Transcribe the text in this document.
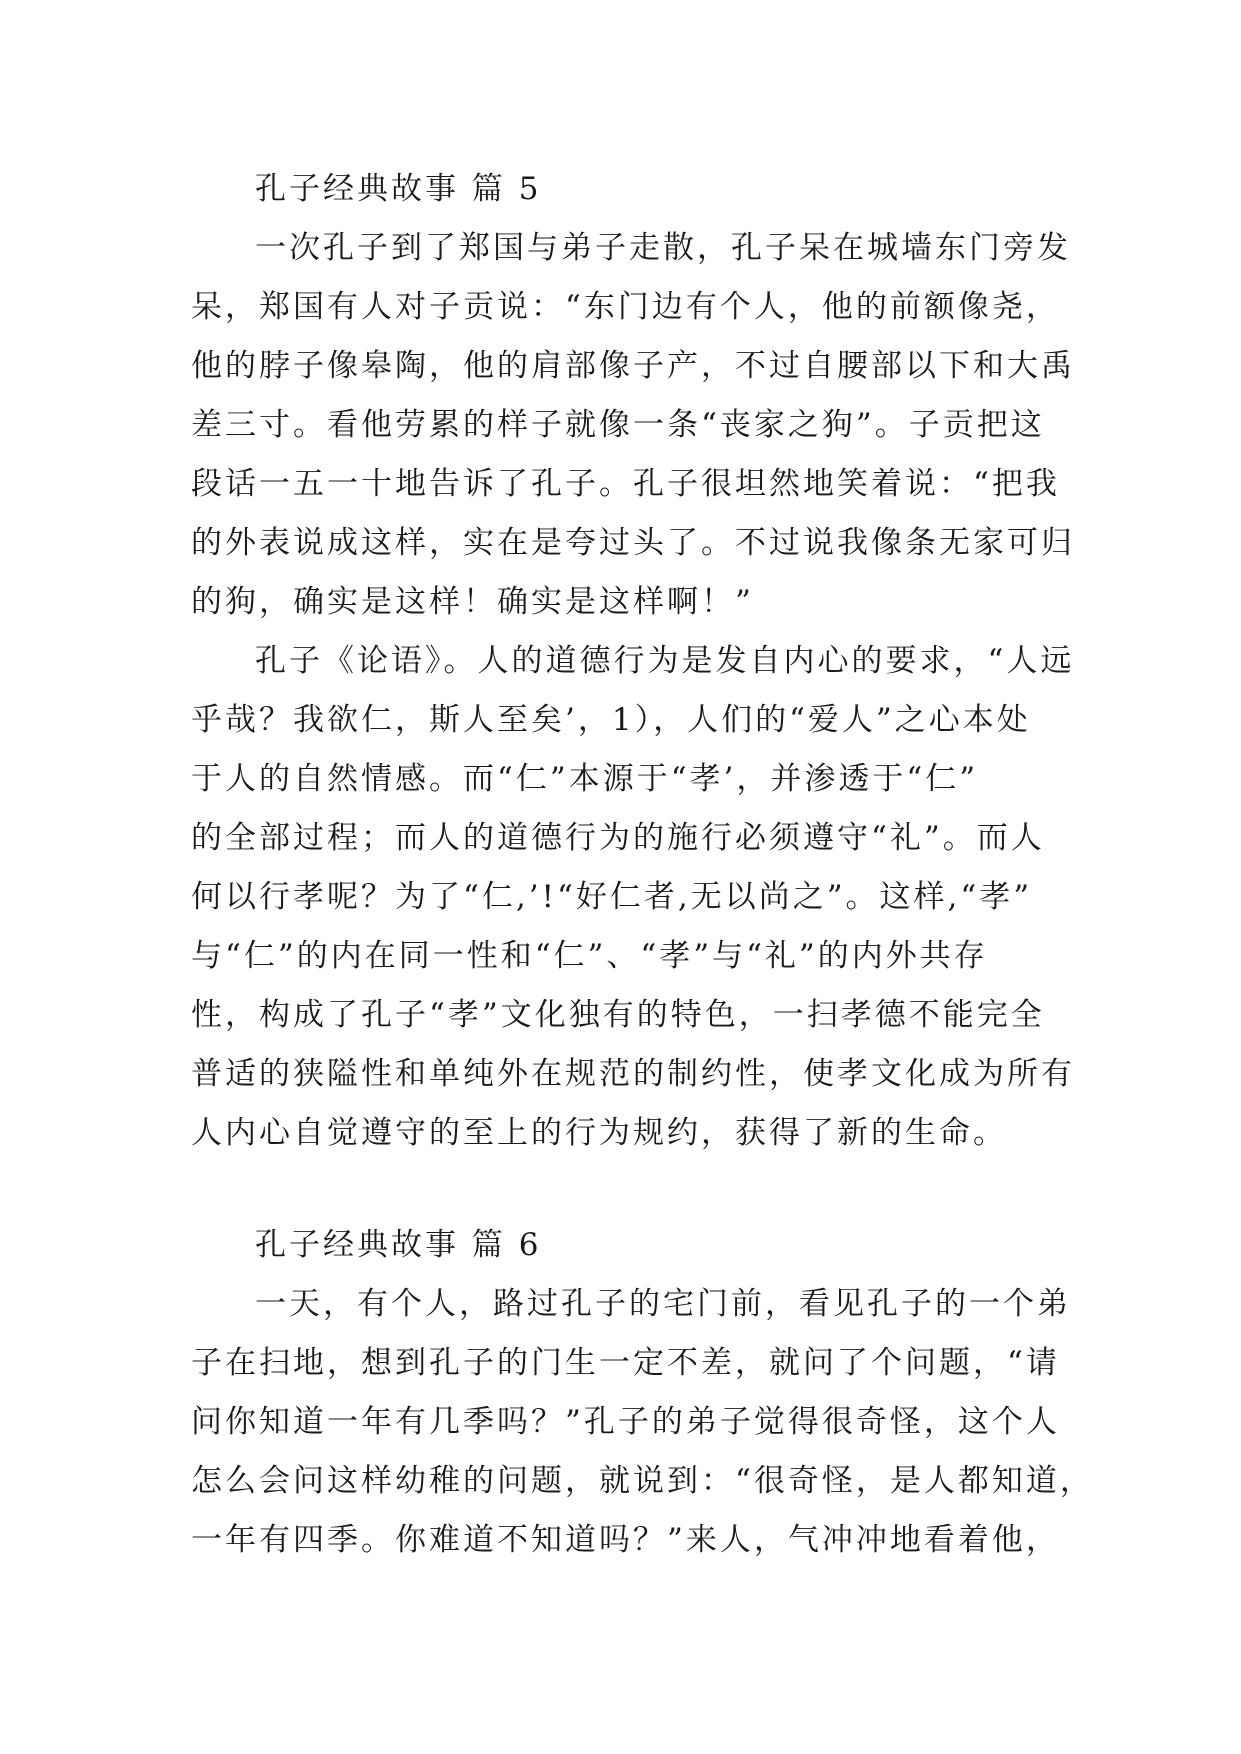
孔子经典故事 篇 5
一次孔子到了郑国与弟子走散，孔子呆在城墙东门旁发
呆，郑国有人对子贡说：“东门边有个人，他的前额像尧，
他的脖子像皋陶，他的肩部像子产，不过自腰部以下和大禹
差三寸。看他劳累的样子就像一条“丧家之狗”。子贡把这
段话一五一十地告诉了孔子。孔子很坦然地笑着说：“把我
的外表说成这样，实在是夸过头了。不过说我像条无家可归
的狗，确实是这样！确实是这样啊！”
孔子《论语》。人的道德行为是发自内心的要求，“人远
乎哉？我欲仁，斯人至矣’，1），人们的“爱人”之心本处
于人的自然情感。而“仁”本源于“孝’，并渗透于“仁”
的全部过程；而人的道德行为的施行必须遵守“礼”。而人
何以行孝呢？为了“仁,’!“好仁者,无以尚之”。这样,“孝”
与“仁”的内在同一性和“仁”、“孝”与“礼”的内外共存
性，构成了孔子“孝”文化独有的特色，一扫孝德不能完全
普适的狭隘性和单纯外在规范的制约性，使孝文化成为所有
人内心自觉遵守的至上的行为规约，获得了新的生命。
孔子经典故事 篇 6
一天，有个人，路过孔子的宅门前，看见孔子的一个弟
子在扫地，想到孔子的门生一定不差，就问了个问题，“请
问你知道一年有几季吗？”孔子的弟子觉得很奇怪，这个人
怎么会问这样幼稚的问题，就说到：“很奇怪，是人都知道，
一年有四季。你难道不知道吗？”来人，气冲冲地看着他，
